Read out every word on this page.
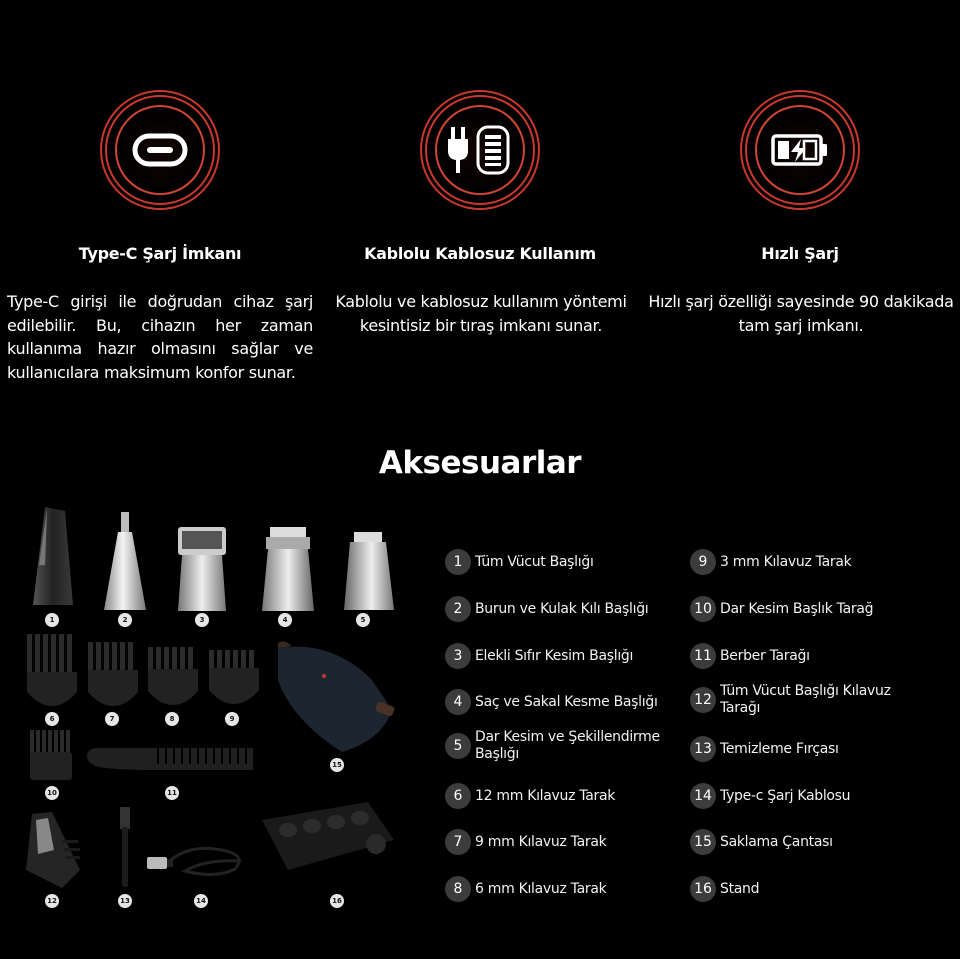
Type-C Şarj İmkanı
Type-C girişi ile doğrudan cihaz şarj edilebilir. Bu, cihazın her zaman kullanıma hazır olmasını sağlar ve kullanıcılara maksimum konfor sunar.
Kablolu Kablosuz Kullanım
Kablolu ve kablosuz kullanım yöntemi kesintisiz bir tıraş imkanı sunar.
Hızlı Şarj
Hızlı şarj özelliği sayesinde 90 dakikada tam şarj imkanı.
Aksesuarlar
1	2	3	4	5
6	7	8	9
10	11
15
12	13	14	16
1 Tüm Vücut Başlığı
2 Burun ve Kulak Kılı Başlığı
3 Elekli Sıfır Kesim Başlığı
4 Saç ve Sakal Kesme Başlığı
5
Dar Kesim ve Şekillendirme Başlığı
6 12 mm Kılavuz Tarak
7 9 mm Kılavuz Tarak
8 6 mm Kılavuz Tarak
9 3 mm Kılavuz Tarak
10 Dar Kesim Başlık Tarağ
11 Berber Tarağı
12
Tüm Vücut Başlığı Kılavuz Tarağı
13 Temizleme Fırçası
14 Type-c Şarj Kablosu
15 Saklama Çantası
16 Stand
